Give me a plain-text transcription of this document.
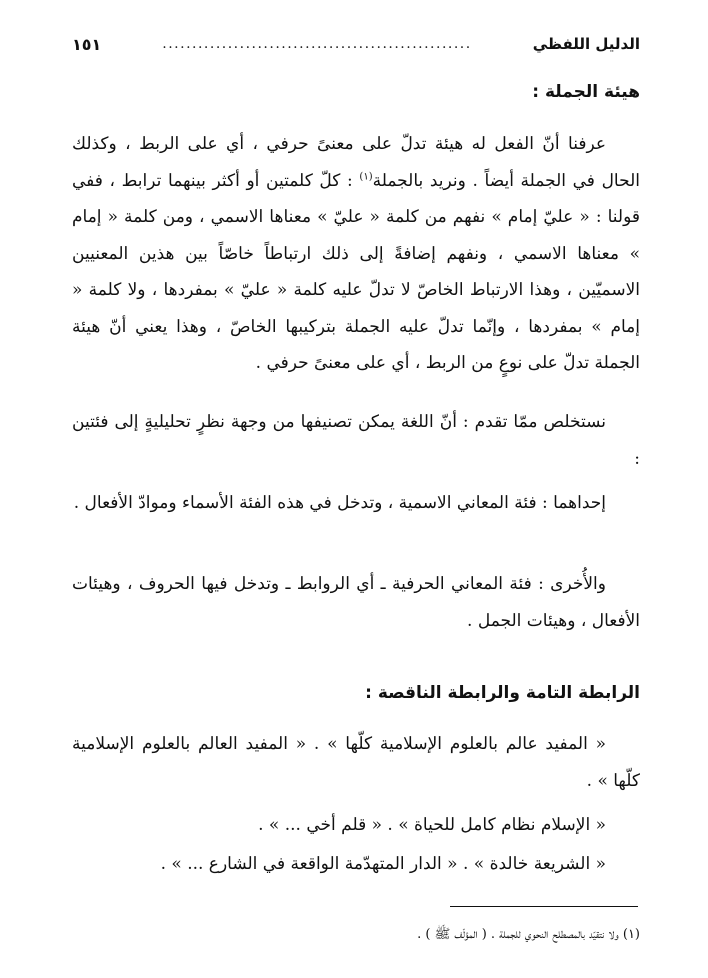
الدليل اللفظي
....................................................
١٥١
هيئة الجملة :

عرفنا أنّ الفعل له هيئة تدلّ على معنىً حرفي ، أي على الربط ، وكذلك الحال في الجملة أيضاً . ونريد بالجملة$^{(١)}$ : كلّ كلمتين أو أكثر بينهما ترابط ، ففي قولنا : « عليّ إمام » نفهم من كلمة « عليّ » معناها الاسمي ، ومن كلمة « إمام » معناها الاسمي ، ونفهم إضافةً إلى ذلك ارتباطاً خاصّاً بين هذين المعنيين الاسميّين ، وهذا الارتباط الخاصّ لا تدلّ عليه كلمة « عليّ » بمفردها ، ولا كلمة « إمام » بمفردها ، وإنّما تدلّ عليه الجملة بتركيبها الخاصّ ، وهذا يعني أنّ هيئة الجملة تدلّ على نوعٍ من الربط ، أي على معنىً حرفي .

نستخلص ممّا تقدم : أنّ اللغة يمكن تصنيفها من وجهة نظرٍ تحليليةٍ إلى فئتين :

إحداهما : فئة المعاني الاسمية ، وتدخل في هذه الفئة الأسماء وموادّ الأفعال .

والأُخرى : فئة المعاني الحرفية ـ أي الروابط ـ وتدخل فيها الحروف ، وهيئات الأفعال ، وهيئات الجمل .

الرابطة التامة والرابطة الناقصة :

« المفيد عالم بالعلوم الإسلامية كلّها » . « المفيد العالم بالعلوم الإسلامية كلّها » .

« الإسلام نظام كامل للحياة » . « قلم أخي ... » .

« الشريعة خالدة » . « الدار المتهدّمة الواقعة في الشارع ... » .

(١) ولا نتقيّد بالمصطلح النحوي للجملة . ( المؤلّف ﷺ ) .
